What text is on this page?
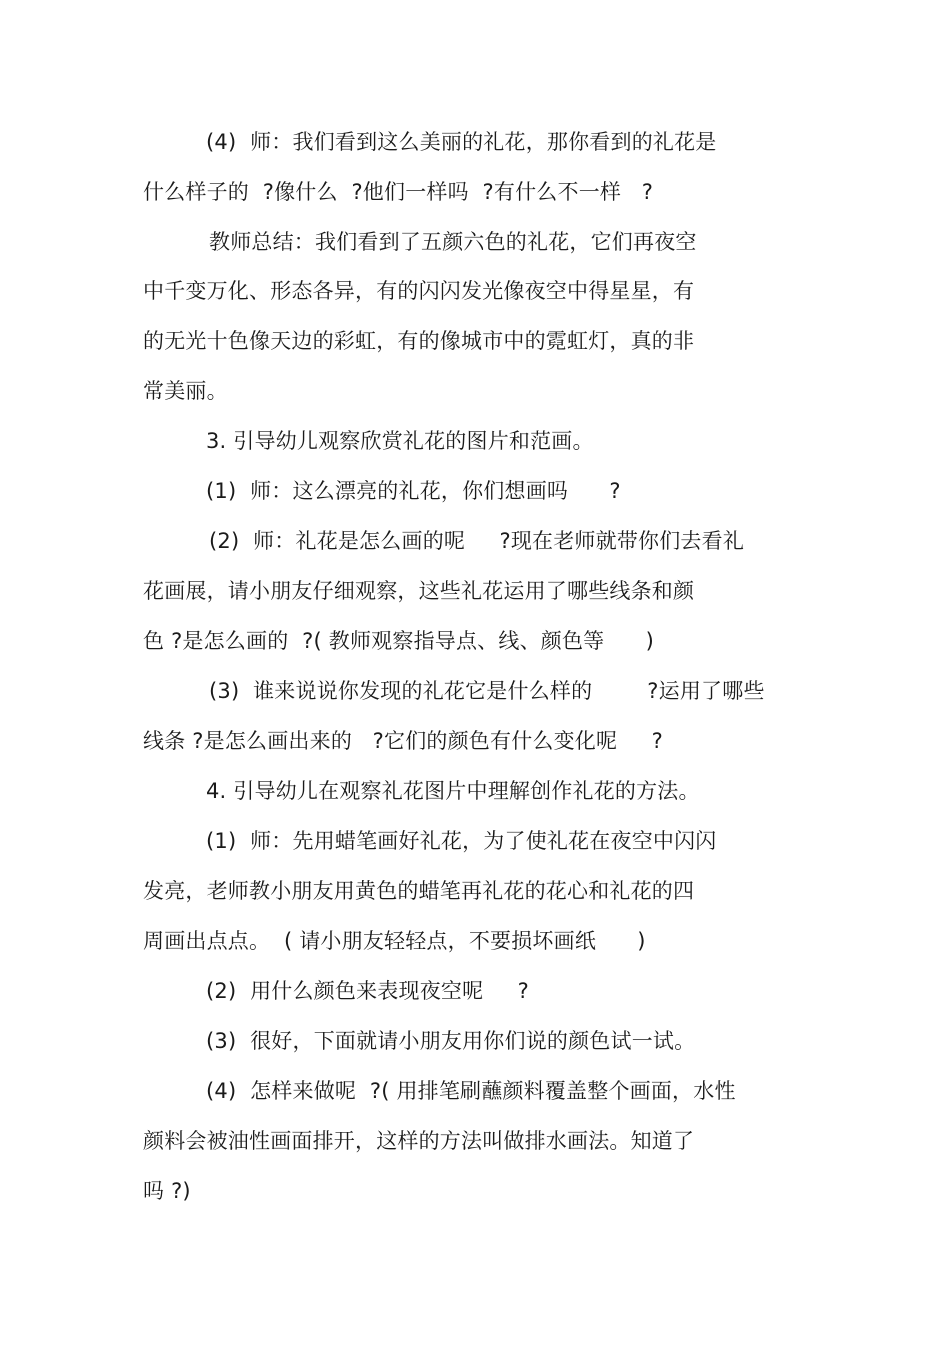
(4)  师：我们看到这么美丽的礼花，那你看到的礼花是

什么样子的  ?像什么  ?他们一样吗  ?有什么不一样   ?

教师总结：我们看到了五颜六色的礼花，它们再夜空

中千变万化、形态各异，有的闪闪发光像夜空中得星星，有

的无光十色像天边的彩虹，有的像城市中的霓虹灯，真的非

常美丽。

3. 引导幼儿观察欣赏礼花的图片和范画。

(1)  师：这么漂亮的礼花，你们想画吗      ?

(2)  师：礼花是怎么画的呢     ?现在老师就带你们去看礼

花画展，请小朋友仔细观察，这些礼花运用了哪些线条和颜

色 ?是怎么画的  ?( 教师观察指导点、线、颜色等      )

(3)  谁来说说你发现的礼花它是什么样的        ?运用了哪些

线条 ?是怎么画出来的   ?它们的颜色有什么变化呢     ?

4. 引导幼儿在观察礼花图片中理解创作礼花的方法。

(1)  师：先用蜡笔画好礼花，为了使礼花在夜空中闪闪

发亮，老师教小朋友用黄色的蜡笔再礼花的花心和礼花的四

周画出点点。  ( 请小朋友轻轻点，不要损坏画纸      )

(2)  用什么颜色来表现夜空呢     ?

(3)  很好，下面就请小朋友用你们说的颜色试一试。

(4)  怎样来做呢  ?( 用排笔刷蘸颜料覆盖整个画面，水性

颜料会被油性画面排开，这样的方法叫做排水画法。知道了

吗 ?)
